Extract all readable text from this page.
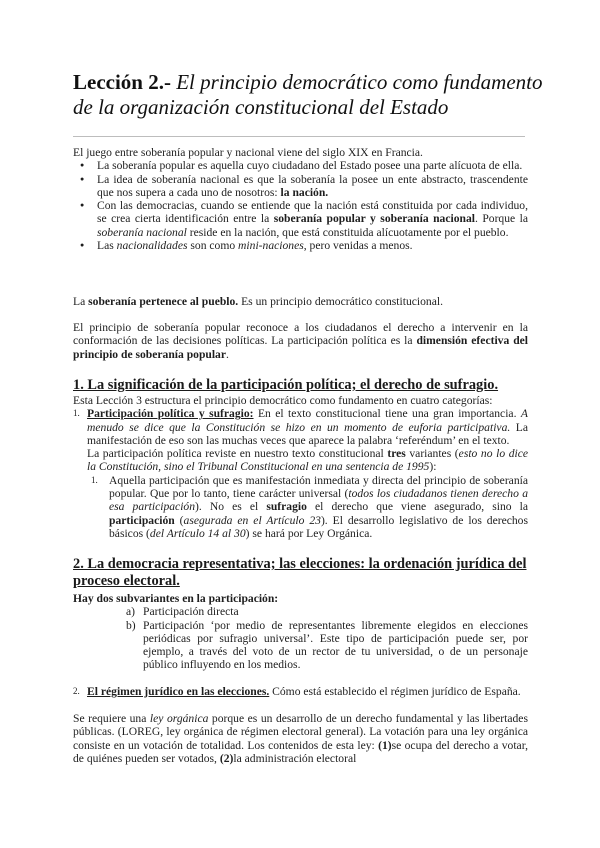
Lección 2.- El principio democrático como fundamento de la organización constitucional del Estado

El juego entre soberanía popular y nacional viene del siglo XIX en Francia.

● La soberanía popular es aquella cuyo ciudadano del Estado posee una parte alícuota de ella.
● La idea de soberanía nacional es que la soberanía la posee un ente abstracto, trascendente que nos supera a cada uno de nosotros: la nación.
● Con las democracias, cuando se entiende que la nación está constituida por cada individuo, se crea cierta identificación entre la soberanía popular y soberanía nacional. Porque la soberanía nacional reside en la nación, que está constituida alícuotamente por el pueblo.
● Las nacionalidades son como mini-naciones, pero venidas a menos.

La soberanía pertenece al pueblo. Es un principio democrático constitucional.

El principio de soberanía popular reconoce a los ciudadanos el derecho a intervenir en la conformación de las decisiones políticas. La participación política es la dimensión efectiva del principio de soberanía popular.

1. La significación de la participación política; el derecho de sufragio.

Esta Lección 3 estructura el principio democrático como fundamento en cuatro categorías:

1. Participación política y sufragio: En el texto constitucional tiene una gran importancia. A menudo se dice que la Constitución se hizo en un momento de euforia participativa. La manifestación de eso son las muchas veces que aparece la palabra ‘referéndum’ en el texto.
La participación política reviste en nuestro texto constitucional tres variantes (esto no lo dice la Constitución, sino el Tribunal Constitucional en una sentencia de 1995):
1. Aquella participación que es manifestación inmediata y directa del principio de soberanía popular. Que por lo tanto, tiene carácter universal (todos los ciudadanos tienen derecho a esa participación). No es el sufragio el derecho que viene asegurado, sino la participación (asegurada en el Artículo 23). El desarrollo legislativo de los derechos básicos (del Artículo 14 al 30) se hará por Ley Orgánica.
2. La democracia representativa; las elecciones: la ordenación jurídica del proceso electoral.

Hay dos subvariantes en la participación:

a) Participación directa
b) Participación ‘por medio de representantes libremente elegidos en elecciones periódicas por sufragio universal’. Este tipo de participación puede ser, por ejemplo, a través del voto de un rector de tu universidad, o de un personaje público influyendo en los medios.
2. El régimen jurídico en las elecciones. Cómo está establecido el régimen jurídico de España.

Se requiere una ley orgánica porque es un desarrollo de un derecho fundamental y las libertades públicas. (LOREG, ley orgánica de régimen electoral general). La votación para una ley orgánica consiste en un votación de totalidad. Los contenidos de esta ley: (1)se ocupa del derecho a votar, de quiénes pueden ser votados, (2)la administración electoral
